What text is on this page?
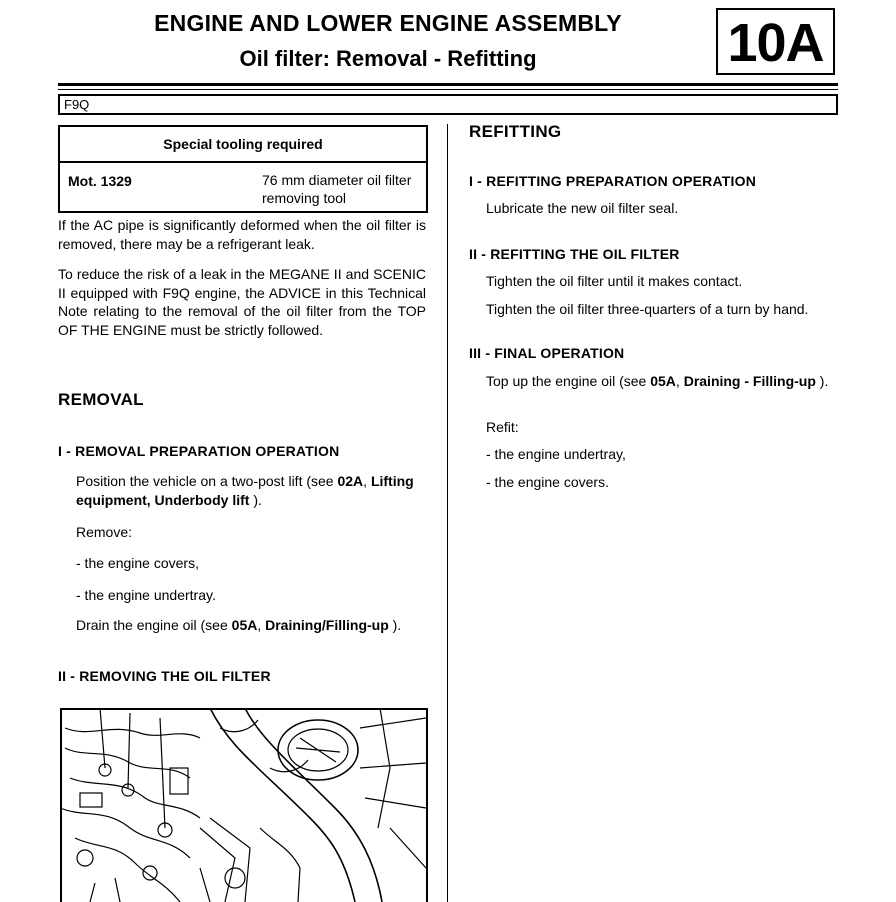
ENGINE AND LOWER ENGINE ASSEMBLY
Oil filter: Removal - Refitting	10A
F9Q
Special tooling required
Mot. 1329	76 mm diameter oil filter removing tool
If the AC pipe is significantly deformed when the oil filter is removed, there may be a refrigerant leak.
To reduce the risk of a leak in the MEGANE II and SCENIC II equipped with F9Q engine, the ADVICE in this Technical Note relating to the removal of the oil filter from the TOP OF THE ENGINE must be strictly followed.
REMOVAL
I - REMOVAL PREPARATION OPERATION
Position the vehicle on a two-post lift (see 02A, Lifting equipment, Underbody lift ).
Remove:
- the engine covers,
- the engine undertray.
Drain the engine oil (see 05A, Draining/Filling-up ).
II - REMOVING THE OIL FILTER
REFITTING
I - REFITTING PREPARATION OPERATION
Lubricate the new oil filter seal.
II - REFITTING THE OIL FILTER
Tighten the oil filter until it makes contact.
Tighten the oil filter three-quarters of a turn by hand.
III - FINAL OPERATION
Top up the engine oil (see 05A, Draining - Filling-up ).
Refit:
- the engine undertray,
- the engine covers.
